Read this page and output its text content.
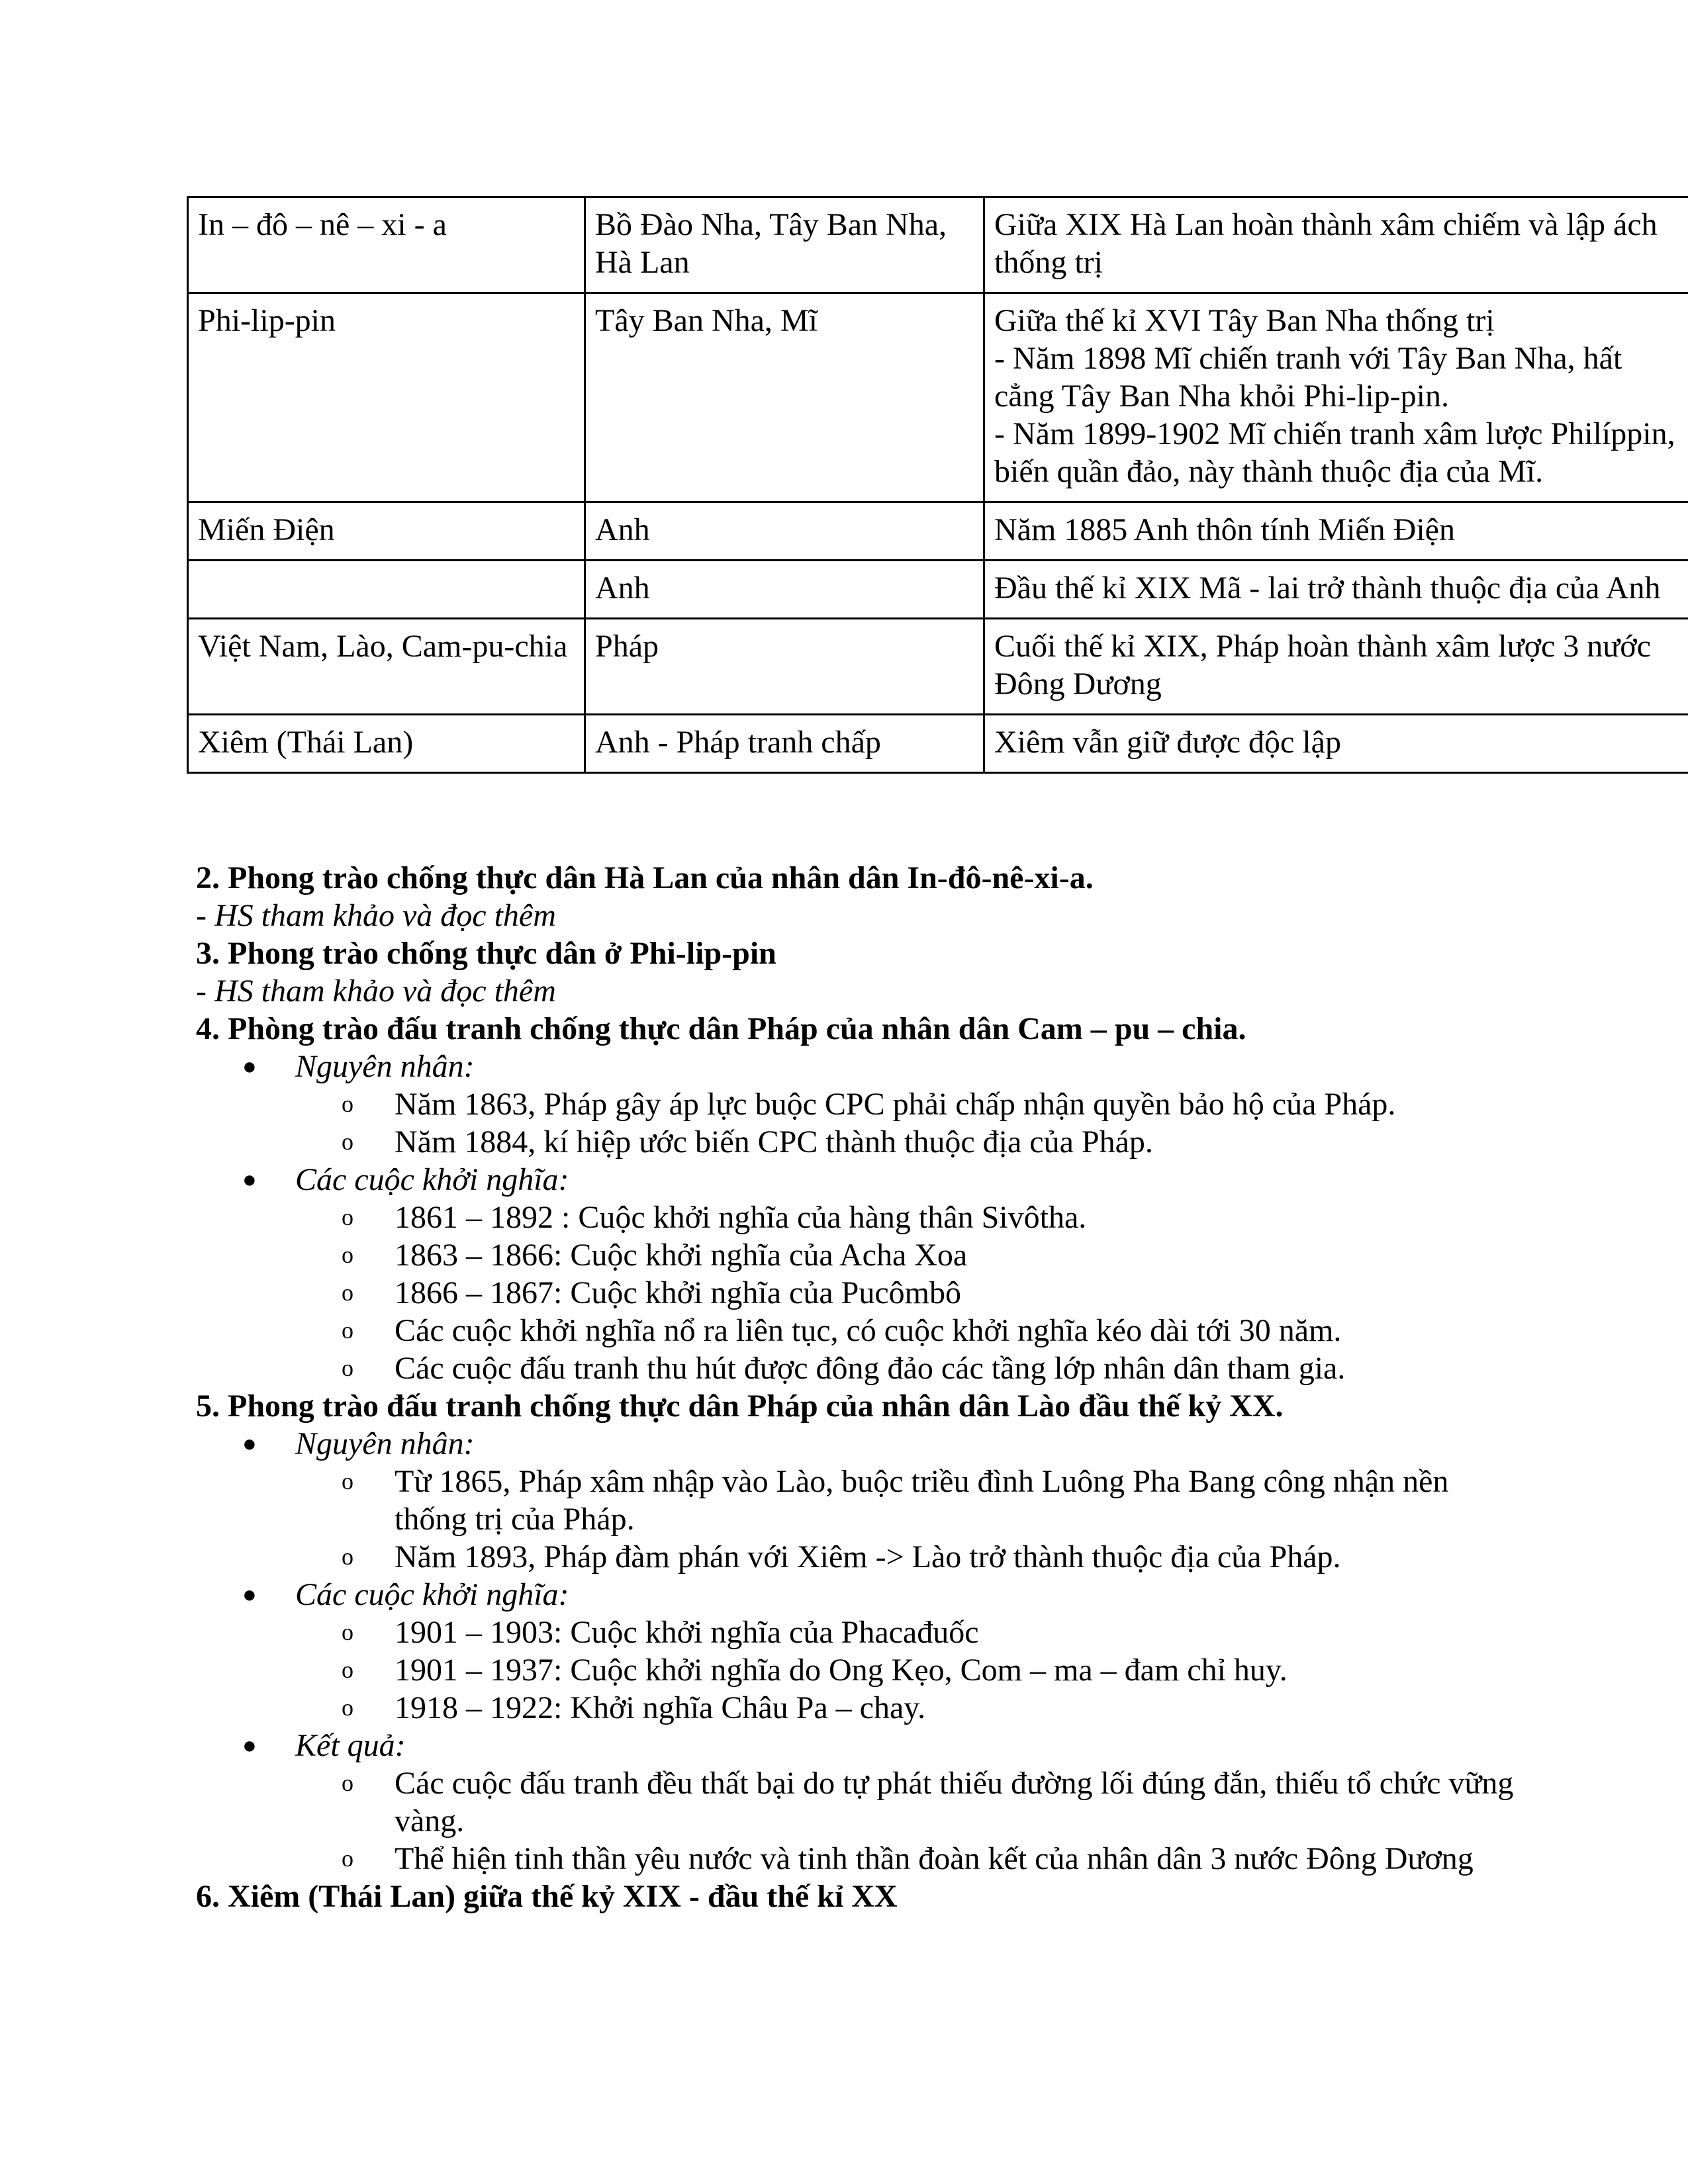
In – đô – nê – xi - a	Bồ Đào Nha, Tây Ban Nha, Hà Lan	Giữa XIX Hà Lan hoàn thành xâm chiếm và lập ách thống trị

Phi-lip-pin	Tây Ban Nha, Mĩ	Giữa thế kỉ XVI Tây Ban Nha thống trị
- Năm 1898 Mĩ chiến tranh với Tây Ban Nha, hất cẳng Tây Ban Nha khỏi Phi-lip-pin.
- Năm 1899-1902 Mĩ chiến tranh xâm lược Philíppin, biến quần đảo, này thành thuộc địa của Mĩ.

Miến Điện	Anh	Năm 1885 Anh thôn tính Miến Điện

	Anh	Đầu thế kỉ XIX Mã - lai trở thành thuộc địa của Anh

Việt Nam, Lào, Cam-pu-chia	Pháp	Cuối thế kỉ XIX, Pháp hoàn thành xâm lược 3 nước Đông Dương

Xiêm (Thái Lan)	Anh - Pháp tranh chấp	Xiêm vẫn giữ được độc lập
2. Phong trào chống thực dân Hà Lan của nhân dân In-đô-nê-xi-a.
- HS tham khảo và đọc thêm
3. Phong trào chống thực dân ở Phi-lip-pin
- HS tham khảo và đọc thêm
4. Phòng trào đấu tranh chống thực dân Pháp của nhân dân Cam – pu – chia.
● Nguyên nhân:
o Năm 1863, Pháp gây áp lực buộc CPC phải chấp nhận quyền bảo hộ của Pháp.
o Năm 1884, kí hiệp ước biến CPC thành thuộc địa của Pháp.
● Các cuộc khởi nghĩa:
o 1861 – 1892 : Cuộc khởi nghĩa của hàng thân Sivôtha.
o 1863 – 1866: Cuộc khởi nghĩa của Acha Xoa
o 1866 – 1867: Cuộc khởi nghĩa của Pucômbô
o Các cuộc khởi nghĩa nổ ra liên tục, có cuộc khởi nghĩa kéo dài tới 30 năm.
o Các cuộc đấu tranh thu hút được đông đảo các tầng lớp nhân dân tham gia.
5. Phong trào đấu tranh chống thực dân Pháp của nhân dân Lào đầu thế kỷ XX.
● Nguyên nhân:
o Từ 1865, Pháp xâm nhập vào Lào, buộc triều đình Luông Pha Bang công nhận nền thống trị của Pháp.
o Năm 1893, Pháp đàm phán với Xiêm -> Lào trở thành thuộc địa của Pháp.
● Các cuộc khởi nghĩa:
o 1901 – 1903: Cuộc khởi nghĩa của Phacađuốc
o 1901 – 1937: Cuộc khởi nghĩa do Ong Kẹo, Com – ma – đam chỉ huy.
o 1918 – 1922: Khởi nghĩa Châu Pa – chay.
● Kết quả:
o Các cuộc đấu tranh đều thất bại do tự phát thiếu đường lối đúng đắn, thiếu tổ chức vững vàng.
o Thể hiện tinh thần yêu nước và tinh thần đoàn kết của nhân dân 3 nước Đông Dương
6. Xiêm (Thái Lan) giữa thế kỷ XIX - đầu thế kỉ XX
